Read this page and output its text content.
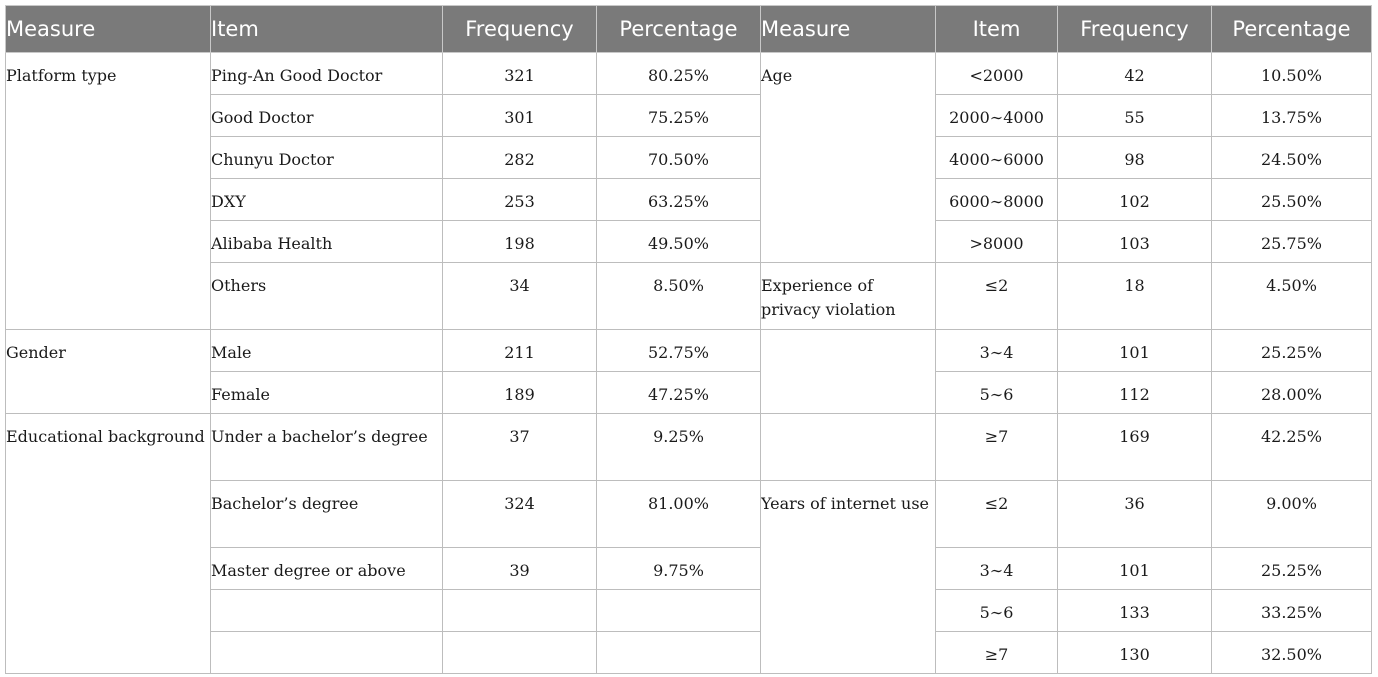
Measure	Item	Frequency	Percentage	Measure	Item	Frequency	Percentage
Platform type	Ping-An Good Doctor	321	80.25%	Age	<2000	42	10.50%
	Good Doctor	301	75.25%		2000∼4000	55	13.75%
	Chunyu Doctor	282	70.50%		4000∼6000	98	24.50%
	DXY	253	63.25%		6000∼8000	102	25.50%
	Alibaba Health	198	49.50%		>8000	103	25.75%
	Others	34	8.50%	Experience of privacy violation	≤2	18	4.50%
Gender	Male	211	52.75%		3∼4	101	25.25%
	Female	189	47.25%		5∼6	112	28.00%
Educational background	Under a bachelor’s degree	37	9.25%		≥7	169	42.25%
	Bachelor’s degree	324	81.00%	Years of internet use	≤2	36	9.00%
	Master degree or above	39	9.75%		3∼4	101	25.25%
					5∼6	133	33.25%
					≥7	130	32.50%
